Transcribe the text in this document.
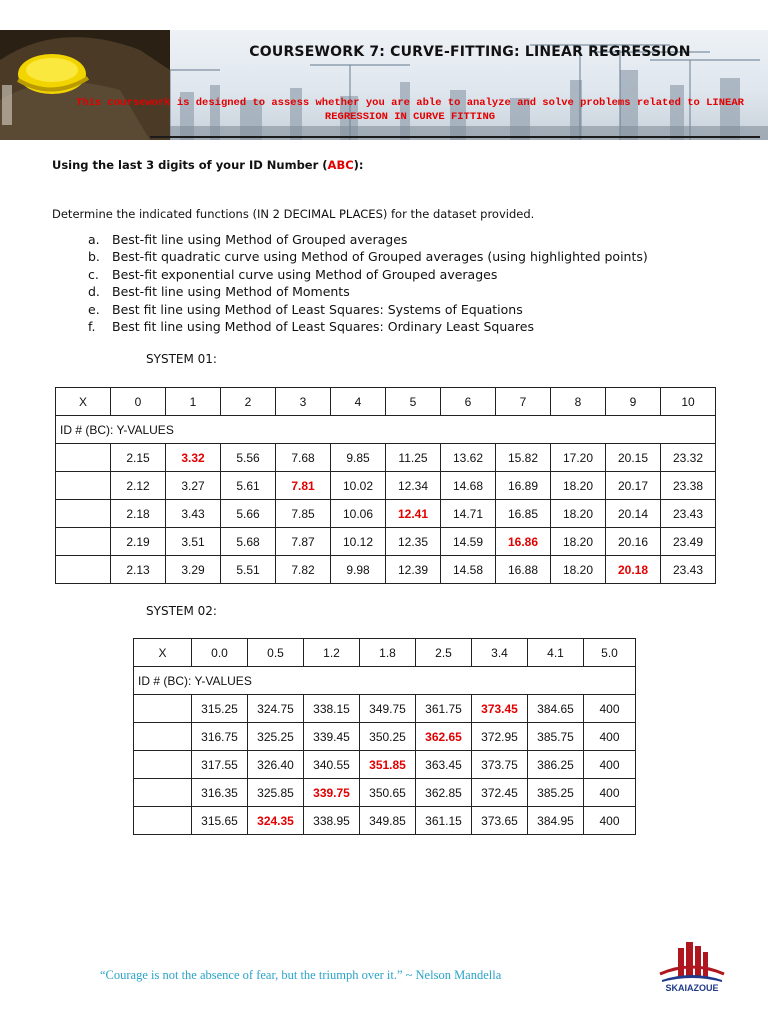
COURSEWORK 7: CURVE-FITTING: LINEAR REGRESSION
This coursework is designed to assess whether you are able to analyze and solve problems related to LINEAR
REGRESSION IN CURVE FITTING
Using the last 3 digits of your ID Number (ABC):
Determine the indicated functions (IN 2 DECIMAL PLACES) for the dataset provided.
a. Best-fit line using Method of Grouped averages
b. Best-fit quadratic curve using Method of Grouped averages (using highlighted points)
c. Best-fit exponential curve using Method of Grouped averages
d. Best-fit line using Method of Moments
e. Best fit line using Method of Least Squares: Systems of Equations
f. Best fit line using Method of Least Squares: Ordinary Least Squares
SYSTEM 01:
X	0	1	2	3	4	5	6	7	8	9	10
ID # (BC): Y-VALUES											
	2.15	3.32	5.56	7.68	9.85	11.25	13.62	15.82	17.20	20.15	23.32
	2.12	3.27	5.61	7.81	10.02	12.34	14.68	16.89	18.20	20.17	23.38
	2.18	3.43	5.66	7.85	10.06	12.41	14.71	16.85	18.20	20.14	23.43
	2.19	3.51	5.68	7.87	10.12	12.35	14.59	16.86	18.20	20.16	23.49
	2.13	3.29	5.51	7.82	9.98	12.39	14.58	16.88	18.20	20.18	23.43
SYSTEM 02:
X	0.0	0.5	1.2	1.8	2.5	3.4	4.1	5.0
ID # (BC): Y-VALUES								
	315.25	324.75	338.15	349.75	361.75	373.45	384.65	400
	316.75	325.25	339.45	350.25	362.65	372.95	385.75	400
	317.55	326.40	340.55	351.85	363.45	373.75	386.25	400
	316.35	325.85	339.75	350.65	362.85	372.45	385.25	400
	315.65	324.35	338.95	349.85	361.15	373.65	384.95	400
“Courage is not the absence of fear, but the triumph over it.” ~ Nelson Mandella
SKAIAZOUE
